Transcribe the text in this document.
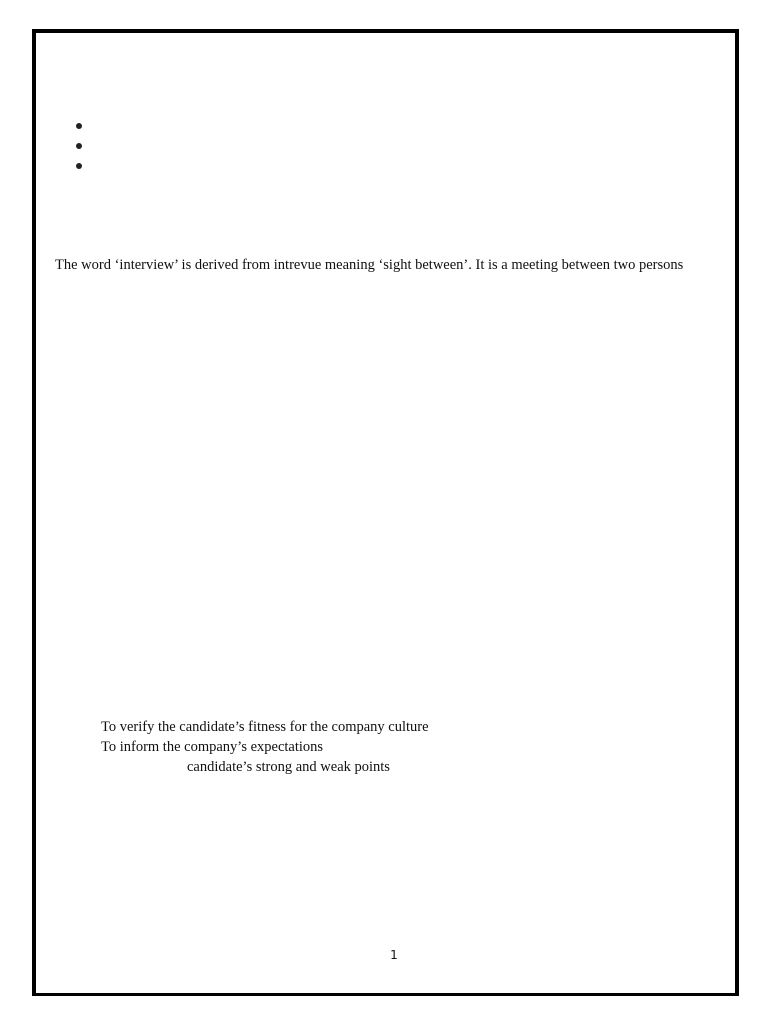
The word ‘interview’ is derived from intrevue meaning ‘sight between’. It is a meeting between two persons
To verify the candidate’s fitness for the company culture
To inform the company’s expectations
candidate’s strong and weak points
1
